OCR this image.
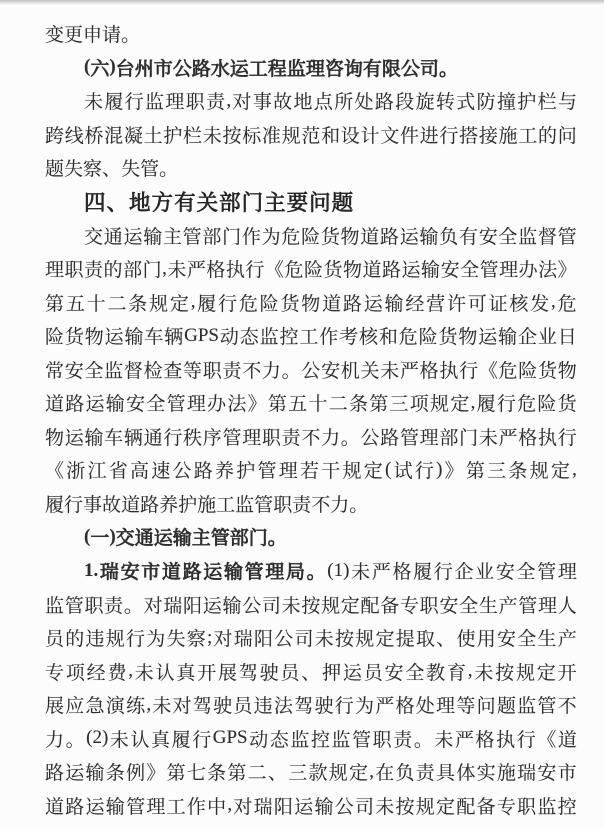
变 更 申 请 。
( 六 ) 台 州 市 公 路 水 运 工 程 监 理 咨 询 有 限 公 司 。
未 履 行 监 理 职 责 , 对 事 故 地 点 所 处 路 段 旋 转 式 防 撞 护 栏 与
跨 线 桥 混 凝 土 护 栏 未 按 标 准 规 范 和 设 计 文 件 进 行 搭 接 施 工 的 问
题 失 察 、 失 管 。
四 、 地 方 有 关 部 门 主 要 问 题
交 通 运 输 主 管 部 门 作 为 危 险 货 物 道 路 运 输 负 有 安 全 监 督 管
理 职 责 的 部 门 , 未 严 格 执 行 《 危 险 货 物 道 路 运 输 安 全 管 理 办 法 》
第 五 十 二 条 规 定 , 履 行 危 险 货 物 道 路 运 输 经 营 许 可 证 核 发 , 危
险 货 物 运 输 车 辆 GPS 动 态 监 控 工 作 考 核 和 危 险 货 物 运 输 企 业 日
常 安 全 监 督 检 查 等 职 责 不 力 。 公 安 机 关 未 严 格 执 行 《 危 险 货 物
道 路 运 输 安 全 管 理 办 法 》 第 五 十 二 条 第 三 项 规 定 , 履 行 危 险 货
物 运 输 车 辆 通 行 秩 序 管 理 职 责 不 力 。 公 路 管 理 部 门 未 严 格 执 行
《 浙 江 省 高 速 公 路 养 护 管 理 若 干 规 定 ( 试 行 ) 》 第 三 条 规 定 ,
履 行 事 故 道 路 养 护 施 工 监 管 职 责 不 力 。
( 一 ) 交 通 运 输 主 管 部 门 。
1. 瑞 安 市 道 路 运 输 管 理 局 。 (1) 未 严 格 履 行 企 业 安 全 管 理
监 管 职 责 。 对 瑞 阳 运 输 公 司 未 按 规 定 配 备 专 职 安 全 生 产 管 理 人
员 的 违 规 行 为 失 察 ; 对 瑞 阳 公 司 未 按 规 定 提 取 、 使 用 安 全 生 产
专 项 经 费 , 未 认 真 开 展 驾 驶 员 、 押 运 员 安 全 教 育 , 未 按 规 定 开
展 应 急 演 练 , 未 对 驾 驶 员 违 法 驾 驶 行 为 严 格 处 理 等 问 题 监 管 不
力 。 (2) 未 认 真 履 行 GPS 动 态 监 控 监 管 职 责 。 未 严 格 执 行 《 道
路 运 输 条 例 》 第 七 条 第 二 、 三 款 规 定 , 在 负 责 具 体 实 施 瑞 安 市
道 路 运 输 管 理 工 作 中 , 对 瑞 阳 运 输 公 司 未 按 规 定 配 备 专 职 监 控
